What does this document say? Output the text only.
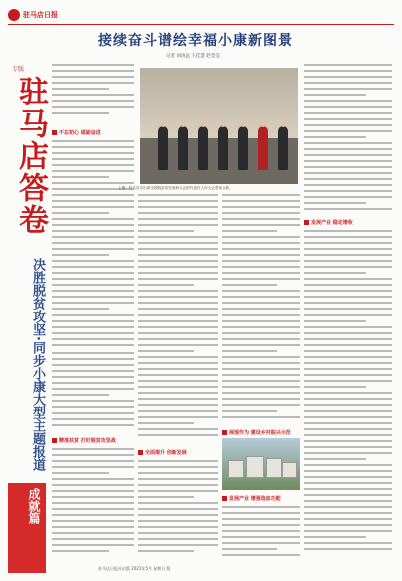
驻马店日报
专版
驻马店答卷
决胜脱贫攻坚·同步小康大型主题报道
成就篇
接续奋斗谱绘幸福小康新图景
记者 刘涛远 王佳慧 赵莹莹
不忘初心 砥砺奋进
精准扶贫 打好脱贫攻坚战
上图：驻马店市出席全国脱贫攻坚表彰大会的代表在人民大会堂前合影。
发展产业 稳定增收
全面提升 创新发展
展现作为 建设乡村振兴示范
发展产业 增强造血功能
驻马店日报社出版 2021年5月 星期日 版
